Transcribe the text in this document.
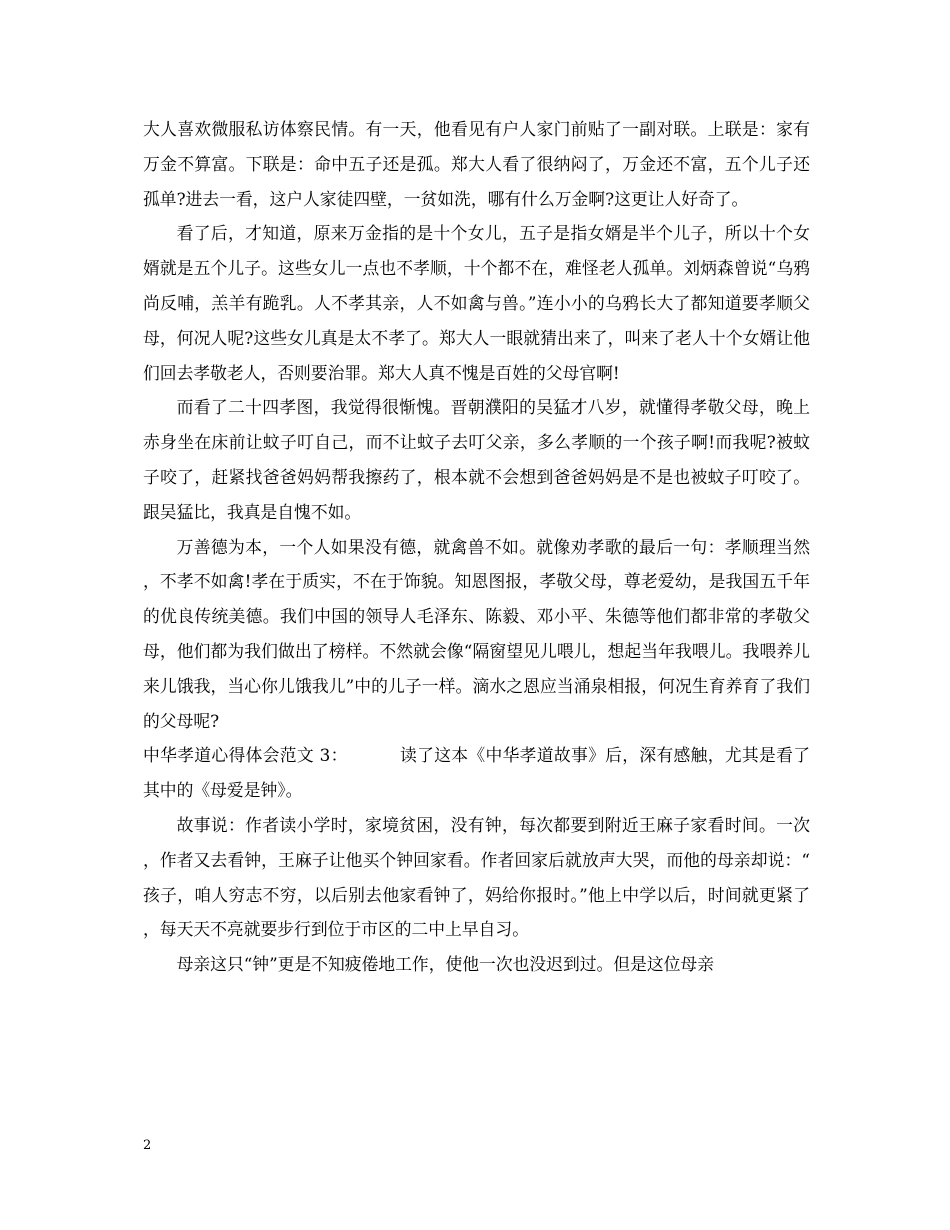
大人喜欢微服私访体察民情。有一天，他看见有户人家门前贴了一副对联。上联是：家有万金不算富。下联是：命中五子还是孤。郑大人看了很纳闷了，万金还不富，五个儿子还孤单?进去一看，这户人家徒四壁，一贫如洗，哪有什么万金啊?这更让人好奇了。

看了后，才知道，原来万金指的是十个女儿，五子是指女婿是半个儿子，所以十个女婿就是五个儿子。这些女儿一点也不孝顺，十个都不在，难怪老人孤单。刘炳森曾说“乌鸦尚反哺，羔羊有跪乳。人不孝其亲，人不如禽与兽。”连小小的乌鸦长大了都知道要孝顺父母，何况人呢?这些女儿真是太不孝了。郑大人一眼就猜出来了，叫来了老人十个女婿让他们回去孝敬老人，否则要治罪。郑大人真不愧是百姓的父母官啊!

而看了二十四孝图，我觉得很惭愧。晋朝濮阳的吴猛才八岁，就懂得孝敬父母，晚上赤身坐在床前让蚊子叮自己，而不让蚊子去叮父亲，多么孝顺的一个孩子啊!而我呢?被蚊子咬了，赶紧找爸爸妈妈帮我擦药了，根本就不会想到爸爸妈妈是不是也被蚊子叮咬了。跟吴猛比，我真是自愧不如。

万善德为本，一个人如果没有德，就禽兽不如。就像劝孝歌的最后一句：孝顺理当然，不孝不如禽!孝在于质实，不在于饰貌。知恩图报，孝敬父母，尊老爱幼，是我国五千年的优良传统美德。我们中国的领导人毛泽东、陈毅、邓小平、朱德等他们都非常的孝敬父母，他们都为我们做出了榜样。不然就会像“隔窗望见儿喂儿，想起当年我喂儿。我喂养儿来儿饿我，当心你儿饿我儿”中的儿子一样。滴水之恩应当涌泉相报，何况生育养育了我们的父母呢?

中华孝道心得体会范文 3：	读了这本《中华孝道故事》后，深有感触，尤其是看了其中的《母爱是钟》。

故事说：作者读小学时，家境贫困，没有钟，每次都要到附近王麻子家看时间。一次，作者又去看钟，王麻子让他买个钟回家看。作者回家后就放声大哭，而他的母亲却说：“孩子，咱人穷志不穷，以后别去他家看钟了，妈给你报时。”他上中学以后，时间就更紧了，每天天不亮就要步行到位于市区的二中上早自习。

母亲这只“钟”更是不知疲倦地工作，使他一次也没迟到过。但是这位母亲

2
